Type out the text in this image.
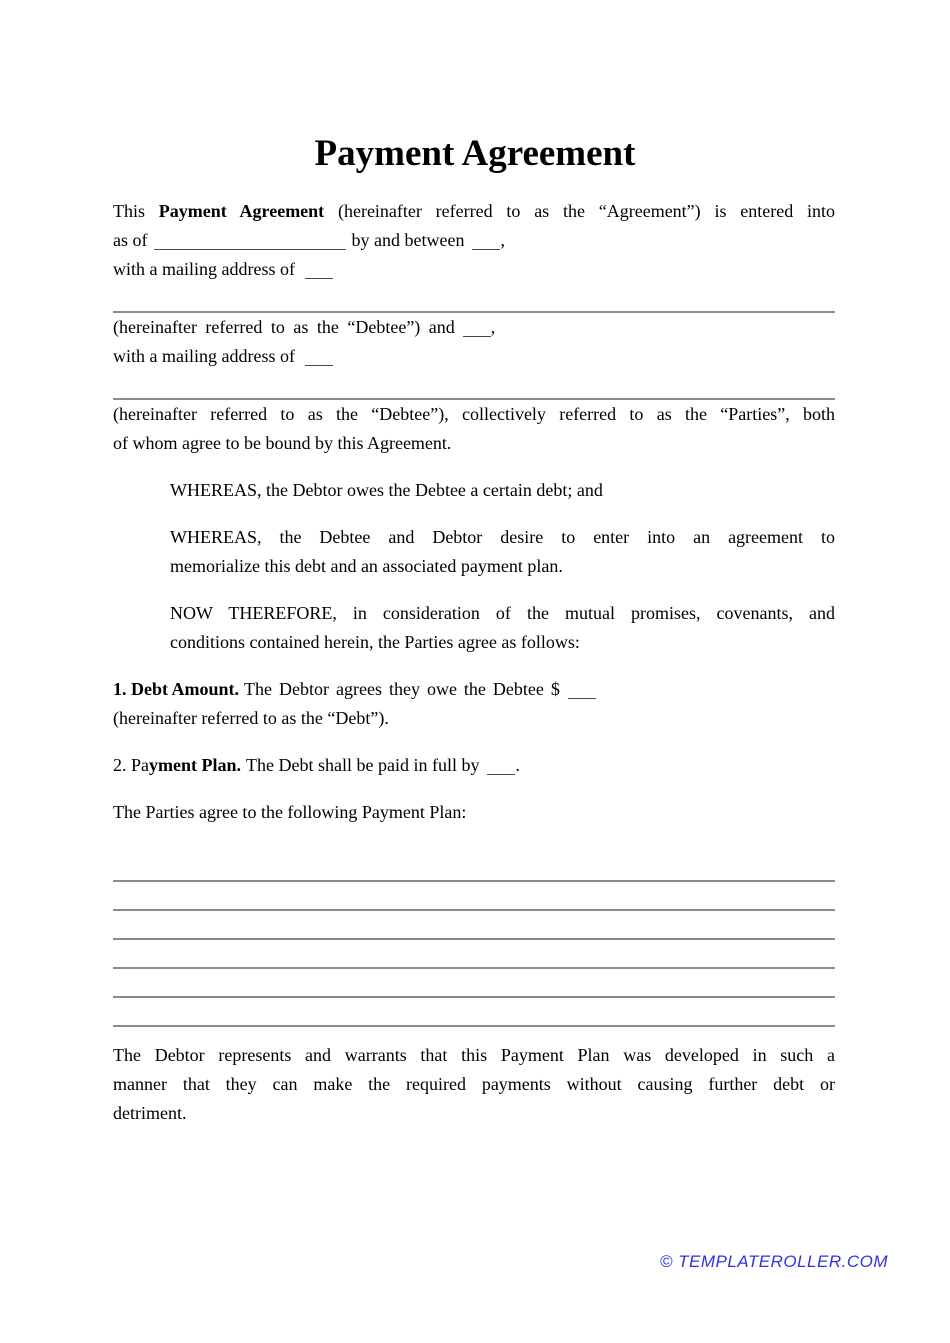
Payment Agreement
This Payment Agreement (hereinafter referred to as the “Agreement”) is entered into
as of	by and between ,
with a mailing address of
(hereinafter referred to as the “Debtee”) and ,
with a mailing address of
(hereinafter referred to as the “Debtee”), collectively referred to as the “Parties”, both
of whom agree to be bound by this Agreement.
WHEREAS, the Debtor owes the Debtee a certain debt; and
WHEREAS, the Debtee and Debtor desire to enter into an agreement to
memorialize this debt and an associated payment plan.
NOW THEREFORE, in consideration of the mutual promises, covenants, and
conditions contained herein, the Parties agree as follows:
1. Debt Amount. The Debtor agrees they owe the Debtee $
(hereinafter referred to as the “Debt”).
2. Pa yment Plan. The Debt shall be paid in full by .
The Parties agree to the following Payment Plan:
The Debtor represents and warrants that this Payment Plan was developed in such a
manner that they can make the required payments without causing further debt or
detriment.
© TEMPLATEROLLER.COM
